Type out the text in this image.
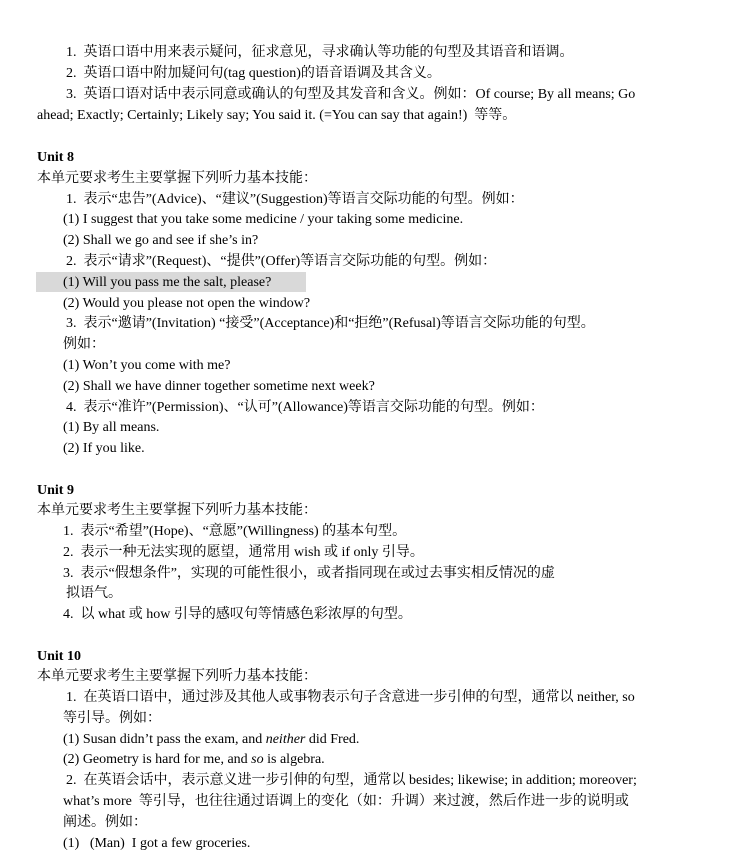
1.  英语口语中用来表示疑问，征求意见，寻求确认等功能的句型及其语音和语调。
2.  英语口语中附加疑问句(tag question)的语音语调及其含义。
3.  英语口语对话中表示同意或确认的句型及其发音和含义。例如：Of course; By all means; Go
ahead; Exactly; Certainly; Likely say; You said it. (=You can say that again!)  等等。
Unit 8
本单元要求考生主要掌握下列听力基本技能：
1.  表示“忠告”(Advice)、“建议”(Suggestion)等语言交际功能的句型。例如：
(1) I suggest that you take some medicine / your taking some medicine.
(2) Shall we go and see if she’s in?
2.  表示“请求”(Request)、“提供”(Offer)等语言交际功能的句型。例如：
(1) Will you pass me the salt, please?
(2) Would you please not open the window?
3.  表示“邀请”(Invitation) “接受”(Acceptance)和“拒绝”(Refusal)等语言交际功能的句型。
例如：
(1) Won’t you come with me?
(2) Shall we have dinner together sometime next week?
4.  表示“准许”(Permission)、“认可”(Allowance)等语言交际功能的句型。例如：
(1) By all means.
(2) If you like.
Unit 9
本单元要求考生主要掌握下列听力基本技能：
1.  表示“希望”(Hope)、“意愿”(Willingness) 的基本句型。
2.  表示一种无法实现的愿望，通常用 wish 或 if only 引导。
3.  表示“假想条件”，实现的可能性很小，或者指同现在或过去事实相反情况的虚
拟语气。
4.  以 what 或 how 引导的感叹句等情感色彩浓厚的句型。
Unit 10
本单元要求考生主要掌握下列听力基本技能：
1.  在英语口语中，通过涉及其他人或事物表示句子含意进一步引伸的句型，通常以 neither, so
等引导。例如：
(1) Susan didn’t pass the exam, and neither did Fred.
(2) Geometry is hard for me, and so is algebra.
2.  在英语会话中，表示意义进一步引伸的句型，通常以 besides; likewise; in addition; moreover;
what’s more  等引导，也往往通过语调上的变化（如：升调）来过渡，然后作进一步的说明或
阐述。例如：
(1)   (Man)  I got a few groceries.
